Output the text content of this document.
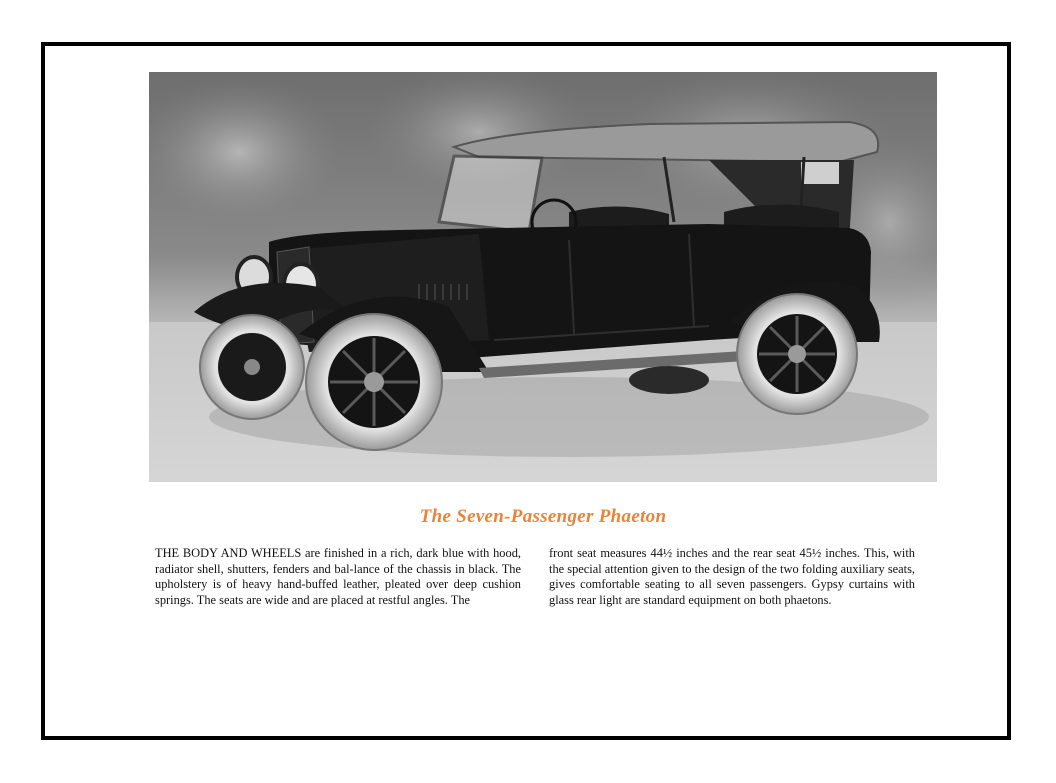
The Seven-Passenger Phaeton
THE BODY AND WHEELS are finished in a rich, dark blue with hood, radiator shell, shutters, fenders and bal-lance of the chassis in black. The upholstery is of heavy hand-buffed leather, pleated over deep cushion springs. The seats are wide and are placed at restful angles. The
front seat measures 44½ inches and the rear seat 45½ inches. This, with the special attention given to the design of the two folding auxiliary seats, gives comfortable seating to all seven passengers. Gypsy curtains with glass rear light are standard equipment on both phaetons.
